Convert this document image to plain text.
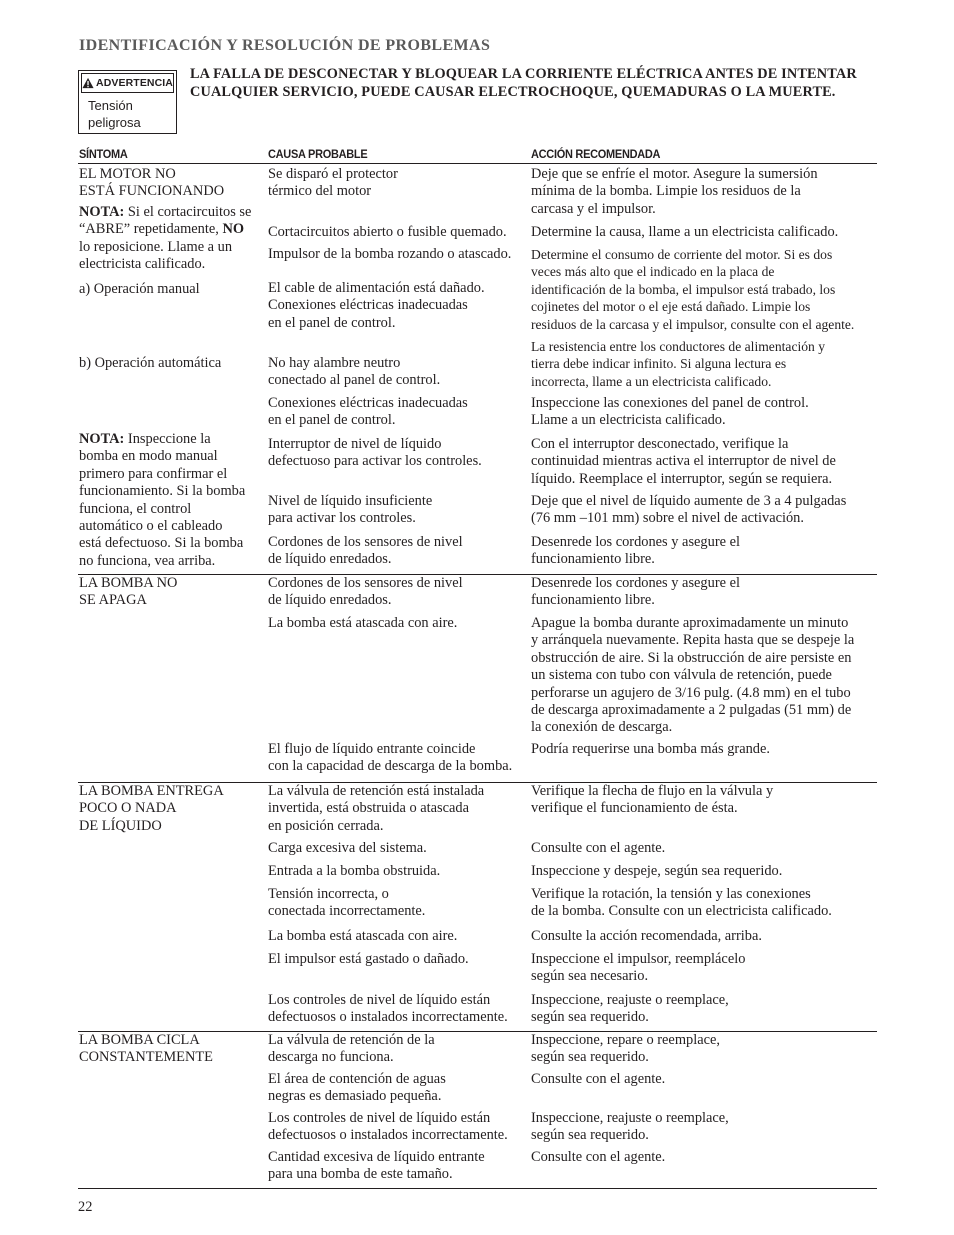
IDENTIFICACIÓN Y RESOLUCIÓN DE PROBLEMAS
ADVERTENCIA
Tensión
peligrosa
LA FALLA DE DESCONECTAR Y BLOQUEAR LA CORRIENTE ELÉCTRICA ANTES DE INTENTAR CUALQUIER SERVICIO, PUEDE CAUSAR ELECTROCHOQUE, QUEMADURAS O LA MUERTE.
SÍNTOMA	CAUSA PROBABLE	ACCIÓN RECOMENDADA
EL MOTOR NO
ESTÁ FUNCIONANDO
NOTA: Si el cortacircuitos se
“ABRE” repetidamente, NO
lo reposicione. Llame a un
electricista calificado.
a) Operación manual
b) Operación automática
NOTA: Inspeccione la
bomba en modo manual
primero para confirmar el
funcionamiento. Si la bomba
funciona, el control
automático o el cableado
está defectuoso. Si la bomba
no funciona, vea arriba.
LA BOMBA NO
SE APAGA
LA BOMBA ENTREGA
POCO O NADA
DE LÍQUIDO
LA BOMBA CICLA
CONSTANTEMENTE
Se disparó el protector
térmico del motor
Cortacircuitos abierto o fusible quemado.
Impulsor de la bomba rozando o atascado.
El cable de alimentación está dañado.
Conexiones eléctricas inadecuadas
en el panel de control.
No hay alambre neutro
conectado al panel de control.
Conexiones eléctricas inadecuadas
en el panel de control.
Interruptor de nivel de líquido
defectuoso para activar los controles.
Nivel de líquido insuficiente
para activar los controles.
Cordones de los sensores de nivel
de líquido enredados.
Cordones de los sensores de nivel
de líquido enredados.
La bomba está atascada con aire.
El flujo de líquido entrante coincide
con la capacidad de descarga de la bomba.
La válvula de retención está instalada
invertida, está obstruida o atascada
en posición cerrada.
Carga excesiva del sistema.
Entrada a la bomba obstruida.
Tensión incorrecta, o
conectada incorrectamente.
La bomba está atascada con aire.
El impulsor está gastado o dañado.
Los controles de nivel de líquido están
defectuosos o instalados incorrectamente.
La válvula de retención de la
descarga no funciona.
El área de contención de aguas
negras es demasiado pequeña.
Los controles de nivel de líquido están
defectuosos o instalados incorrectamente.
Cantidad excesiva de líquido entrante
para una bomba de este tamaño.
Deje que se enfríe el motor. Asegure la sumersión
mínima de la bomba. Limpie los residuos de la
carcasa y el impulsor.
Determine la causa, llame a un electricista calificado.
Determine el consumo de corriente del motor. Si es dos
veces más alto que el indicado en la placa de
identificación de la bomba, el impulsor está trabado, los
cojinetes del motor o el eje está dañado. Limpie los
residuos de la carcasa y el impulsor, consulte con el agente.
La resistencia entre los conductores de alimentación y
tierra debe indicar infinito. Si alguna lectura es
incorrecta, llame a un electricista calificado.
Inspeccione las conexiones del panel de control.
Llame a un electricista calificado.
Con el interruptor desconectado, verifique la
continuidad mientras activa el interruptor de nivel de
líquido. Reemplace el interruptor, según se requiera.
Deje que el nivel de líquido aumente de 3 a 4 pulgadas
(76 mm –101 mm) sobre el nivel de activación.
Desenrede los cordones y asegure el
funcionamiento libre.
Desenrede los cordones y asegure el
funcionamiento libre.
Apague la bomba durante aproximadamente un minuto
y arránquela nuevamente. Repita hasta que se despeje la
obstrucción de aire. Si la obstrucción de aire persiste en
un sistema con tubo con válvula de retención, puede
perforarse un agujero de 3/16 pulg. (4.8 mm) en el tubo
de descarga aproximadamente a 2 pulgadas (51 mm) de
la conexión de descarga.
Podría requerirse una bomba más grande.
Verifique la flecha de flujo en la válvula y
verifique el funcionamiento de ésta.
Consulte con el agente.
Inspeccione y despeje, según sea requerido.
Verifique la rotación, la tensión y las conexiones
de la bomba. Consulte con un electricista calificado.
Consulte la acción recomendada, arriba.
Inspeccione el impulsor, reemplácelo
según sea necesario.
Inspeccione, reajuste o reemplace,
según sea requerido.
Inspeccione, repare o reemplace,
según sea requerido.
Consulte con el agente.
Inspeccione, reajuste o reemplace,
según sea requerido.
Consulte con el agente.
22
